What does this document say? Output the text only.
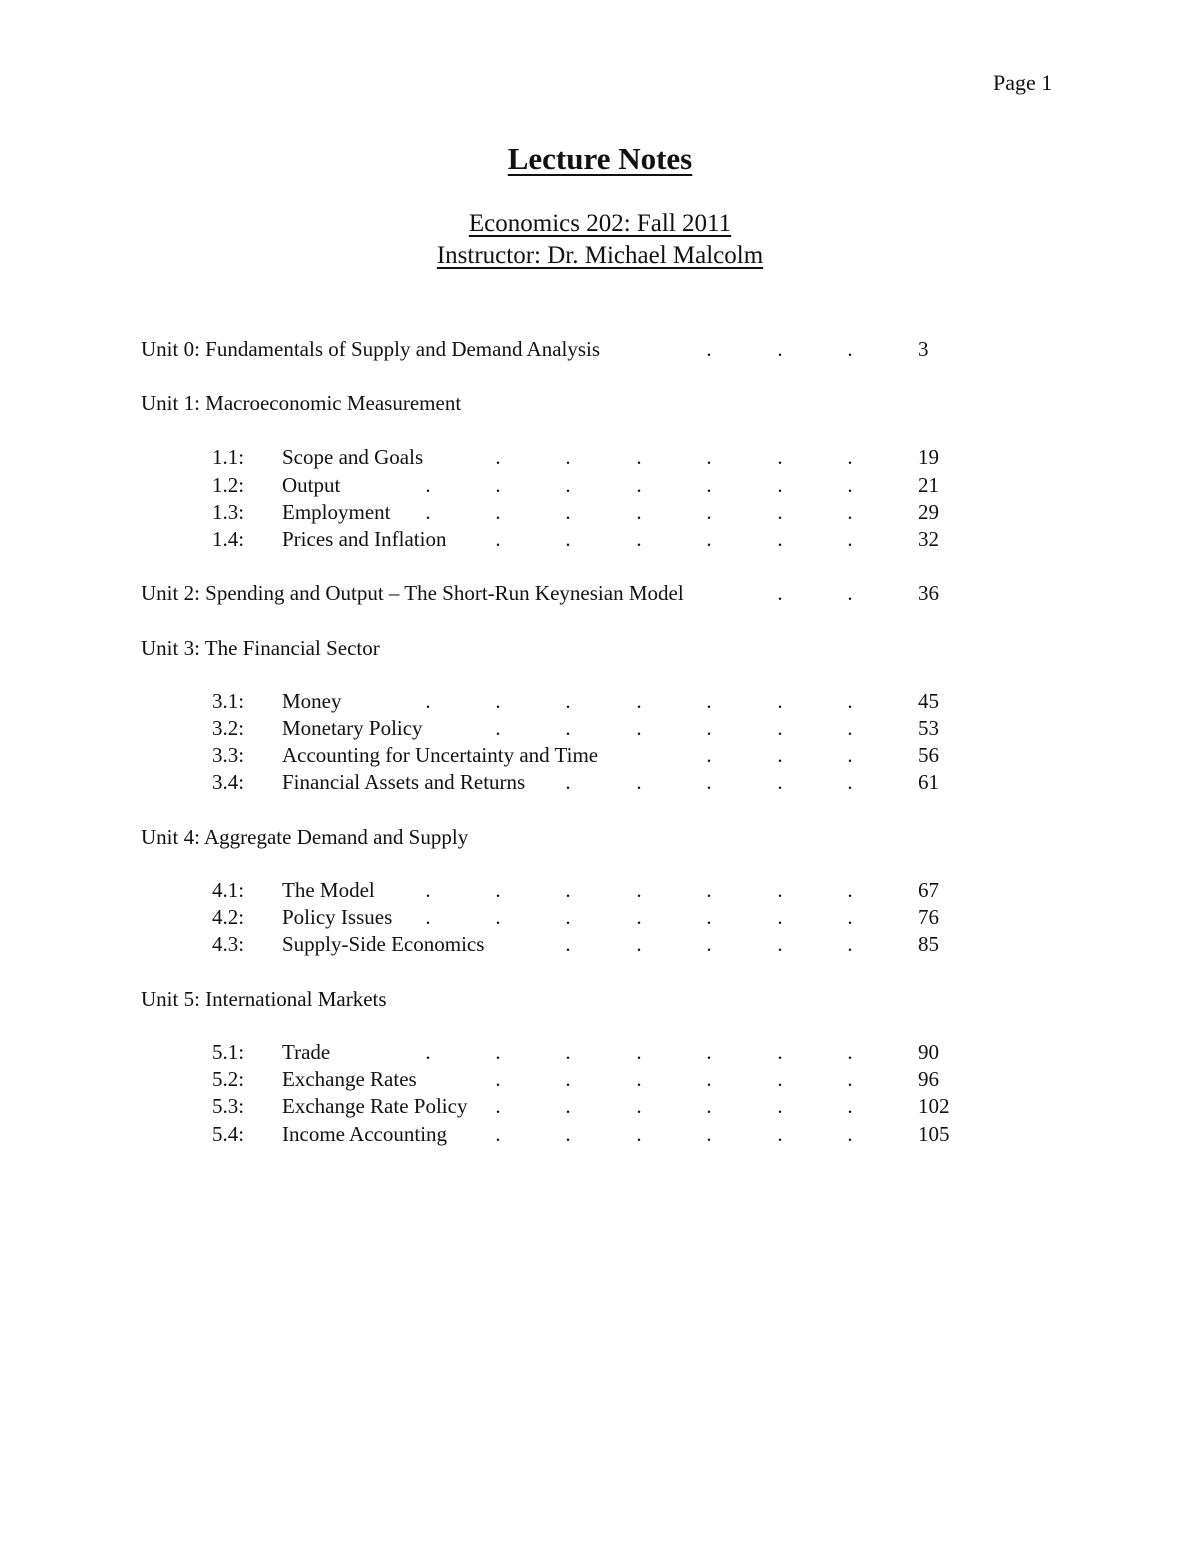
Page 1
Lecture Notes
Economics 202: Fall 2011
Instructor: Dr. Michael Malcolm
Unit 0: Fundamentals of Supply and Demand Analysis	.	.	.	3
Unit 1: Macroeconomic Measurement
1.1: Scope and Goals	.	.	.	.	.	.	19
1.2: Output	.	.	.	.	.	.	.	21
1.3: Employment .	.	.	.	.	.	.	29
1.4: Prices and Inflation .	.	.	.	.	.	32
Unit 2: Spending and Output – The Short-Run Keynesian Model	.	.	36
Unit 3: The Financial Sector
3.1: Money	.	.	.	.	.	.	.	45
3.2: Monetary Policy	.	.	.	.	.	.	53
3.3: Accounting for Uncertainty and Time	.	.	.	56
3.4: Financial Assets and Returns .	.	.	.	.	61
Unit 4: Aggregate Demand and Supply
4.1: The Model .	.	.	.	.	.	.	67
4.2: Policy Issues .	.	.	.	.	.	.	76
4.3: Supply-Side Economics	.	.	.	.	.	85
Unit 5: International Markets
5.1: Trade	.	.	.	.	.	.	.	90
5.2: Exchange Rates	.	.	.	.	.	.	96
5.3: Exchange Rate Policy .	.	.	.	.	.	102
5.4: Income Accounting .	.	.	.	.	.	105
